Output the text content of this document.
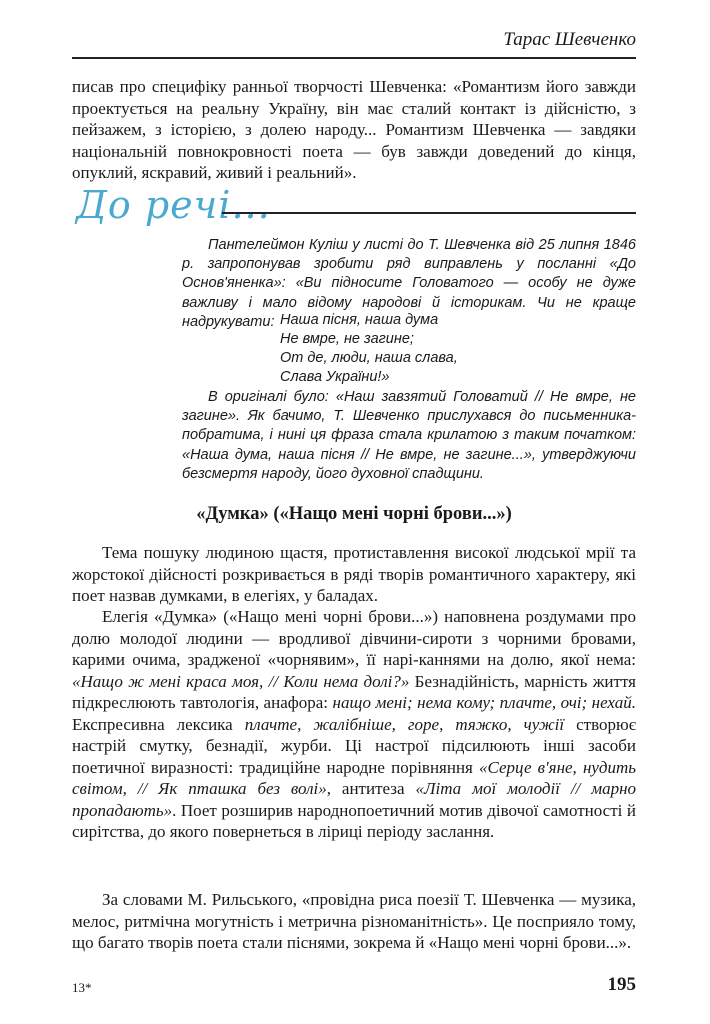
Тарас Шевченко

писав про специфіку ранньої творчості Шевченка: «Романтизм його завжди проектується на реальну Україну, він має сталий контакт із дійсністю, з пейзажем, з історією, з долею народу... Романтизм Шевченка — завдяки національній повнокровності поета — був завжди доведений до кінця, опуклий, яскравий, живий і реальний».

До речі...

Пантелеймон Куліш у листі до Т. Шевченка від 25 липня 1846 р. запропонував зробити ряд виправлень у посланні «До Основ'яненка»: «Ви підносите Головатого — особу не дуже важливу і мало відому народові й історикам. Чи не краще надрукувати: Наша пісня, наша дума
Не вмре, не загине;
От де, люди, наша слава,
Слава України!»

В оригіналі було: «Наш завзятий Головатий // Не вмре, не загине». Як бачимо, Т. Шевченко прислухався до письменника-побратима, і нині ця фраза стала крилатою з таким початком: «Наша дума, наша пісня // Не вмре, не загине...», утверджуючи безсмертя народу, його духовної спадщини.

«Думка» («Нащо мені чорні брови...»)

Тема пошуку людиною щастя, протиставлення високої людської мрії та жорстокої дійсності розкривається в ряді творів романтичного характеру, які поет назвав думками, в елегіях, у баладах.

Елегія «Думка» («Нащо мені чорні брови...») наповнена роздумами про долю молодої людини — вродливої дівчини-сироти з чорними бровами, карими очима, зрадженої «чорнявим», її нарі-каннями на долю, якої нема: «Нащо ж мені краса моя, // Коли нема долі?» Безнадійність, марність життя підкреслюють тавтологія, анафора: нащо мені; нема кому; плачте, очі; нехай. Експресивна лексика плачте, жалібніше, горе, тяжко, чужії створює настрій смутку, безнадії, журби. Ці настрої підсилюють інші засоби поетичної виразності: традиційне народне порівняння «Серце в'яне, нудить світом, // Як пташка без волі», антитеза «Літа мої молодії // марно пропадають». Поет розширив народнопоетичний мотив дівочої самотності й сирітства, до якого повернеться в ліриці періоду заслання.

За словами М. Рильського, «провідна риса поезії Т. Шевченка — музика, мелос, ритмічна могутність і метрична різноманітність». Це посприяло тому, що багато творів поета стали піснями, зокрема й «Нащо мені чорні брови...».

13*	195
